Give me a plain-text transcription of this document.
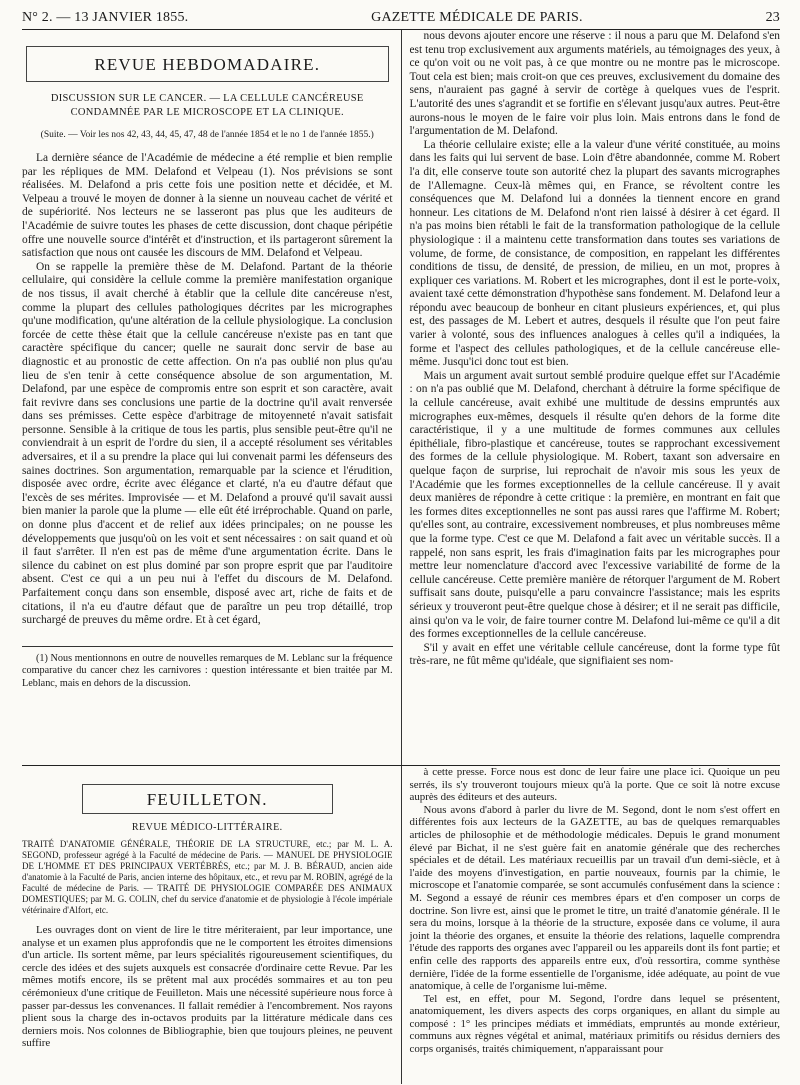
N° 2. — 13 JANVIER 1855.	GAZETTE MÉDICALE DE PARIS.	23
REVUE HEBDOMADAIRE.
DISCUSSION SUR LE CANCER. — LA CELLULE CANCÉREUSE CONDAMNÉE PAR LE MICROSCOPE ET LA CLINIQUE.
(Suite. — Voir les nos 42, 43, 44, 45, 47, 48 de l'année 1854 et le no 1 de l'année 1855.)

La dernière séance de l'Académie de médecine a été remplie et bien remplie par les répliques de MM. Delafond et Velpeau (1). Nos prévisions se sont réalisées. M. Delafond a pris cette fois une position nette et décidée, et M. Velpeau a trouvé le moyen de donner à la sienne un nouveau cachet de vérité et de supériorité. Nos lecteurs ne se lasseront pas plus que les auditeurs de l'Académie de suivre toutes les phases de cette discussion, dont chaque péripétie offre une nouvelle source d'intérêt et d'instruction, et ils partageront sûrement la satisfaction que nous ont causée les discours de MM. Delafond et Velpeau.

On se rappelle la première thèse de M. Delafond. Partant de la théorie cellulaire, qui considère la cellule comme la première manifestation organique de nos tissus, il avait cherché à établir que la cellule dite cancéreuse n'est, comme la plupart des cellules pathologiques décrites par les micrographes qu'une modification, qu'une altération de la cellule physiologique. La conclusion forcée de cette thèse était que la cellule cancéreuse n'existe pas en tant que caractère spécifique du cancer; quelle ne saurait donc servir de base au diagnostic et au pronostic de cette affection. On n'a pas oublié non plus qu'au lieu de s'en tenir à cette conséquence absolue de son argumentation, M. Delafond, par une espèce de compromis entre son esprit et son caractère, avait fait revivre dans ses conclusions une partie de la doctrine qu'il avait renversée dans ses prémisses. Cette espèce d'arbitrage de mitoyenneté n'avait satisfait personne. Sensible à la critique de tous les partis, plus sensible peut-être qu'il ne conviendrait à un esprit de l'ordre du sien, il a accepté résolument ses véritables adversaires, et il a su prendre la place qui lui convenait parmi les défenseurs des saines doctrines. Son argumentation, remarquable par la science et l'érudition, disposée avec ordre, écrite avec élégance et clarté, n'a eu d'autre défaut que l'excès de ses mérites. Improvisée — et M. Delafond a prouvé qu'il savait aussi bien manier la parole que la plume — elle eût été irréprochable. Quand on parle, on donne plus d'accent et de relief aux idées principales; on ne pousse les développements que jusqu'où on les voit et sent nécessaires : on sait quand et où il faut s'arrêter. Il n'en est pas de même d'une argumentation écrite. Dans le silence du cabinet on est plus dominé par son propre esprit que par l'auditoire absent. C'est ce qui a un peu nui à l'effet du discours de M. Delafond. Parfaitement conçu dans son ensemble, disposé avec art, riche de faits et de citations, il n'a eu d'autre défaut que de paraître un peu trop détaillé, trop surchargé de preuves du même ordre. Et à cet égard,

(1) Nous mentionnons en outre de nouvelles remarques de M. Leblanc sur la fréquence comparative du cancer chez les carnivores : question intéressante et bien traitée par M. Leblanc, mais en dehors de la discussion.

nous devons ajouter encore une réserve : il nous a paru que M. Delafond s'en est tenu trop exclusivement aux arguments matériels, au témoignages des yeux, à ce qu'on voit ou ne voit pas, à ce que montre ou ne montre pas le microscope. Tout cela est bien; mais croit-on que ces preuves, exclusivement du domaine des sens, n'auraient pas gagné à servir de cortège à quelques vues de l'esprit. L'autorité des unes s'agrandit et se fortifie en s'élevant jusqu'aux autres. Peut-être aurons-nous le moyen de le faire voir plus loin. Mais entrons dans le fond de l'argumentation de M. Delafond.

La théorie cellulaire existe; elle a la valeur d'une vérité constituée, au moins dans les faits qui lui servent de base. Loin d'être abandonnée, comme M. Robert l'a dit, elle conserve toute son autorité chez la plupart des savants micrographes de l'Allemagne. Ceux-là mêmes qui, en France, se révoltent contre les conséquences que M. Delafond lui a données la tiennent encore en grand honneur. Les citations de M. Delafond n'ont rien laissé à désirer à cet égard. Il n'a pas moins bien rétabli le fait de la transformation pathologique de la cellule physiologique : il a maintenu cette transformation dans toutes ses variations de volume, de forme, de consistance, de composition, en rappelant les différentes conditions de tissu, de densité, de pression, de milieu, en un mot, propres à expliquer ces variations. M. Robert et les micrographes, dont il est le porte-voix, avaient taxé cette démonstration d'hypothèse sans fondement. M. Delafond leur a répondu avec beaucoup de bonheur en citant plusieurs expériences, et, qui plus est, des passages de M. Lebert et autres, desquels il résulte que l'on peut faire varier à volonté, sous des influences analogues à celles qu'il a indiquées, la forme et l'aspect des cellules pathologiques, et de la cellule cancéreuse elle-même. Jusqu'ici donc tout est bien.

Mais un argument avait surtout semblé produire quelque effet sur l'Académie : on n'a pas oublié que M. Delafond, cherchant à détruire la forme spécifique de la cellule cancéreuse, avait exhibé une multitude de dessins empruntés aux micrographes eux-mêmes, desquels il résulte qu'en dehors de la forme dite caractéristique, il y a une multitude de formes communes aux cellules épithéliale, fibro-plastique et cancéreuse, toutes se rapprochant excessivement des formes de la cellule physiologique. M. Robert, taxant son adversaire en quelque façon de surprise, lui reprochait de n'avoir mis sous les yeux de l'Académie que les formes exceptionnelles de la cellule cancéreuse. Il y avait deux manières de répondre à cette critique : la première, en montrant en fait que les formes dites exceptionnelles ne sont pas aussi rares que l'affirme M. Robert; qu'elles sont, au contraire, excessivement nombreuses, et plus nombreuses même que la forme type. C'est ce que M. Delafond a fait avec un véritable succès. Il a rappelé, non sans esprit, les frais d'imagination faits par les micrographes pour mettre leur nomenclature d'accord avec l'excessive variabilité de forme de la cellule cancéreuse. Cette première manière de rétorquer l'argument de M. Robert suffisait sans doute, puisqu'elle a paru convaincre l'assistance; mais les esprits sérieux y trouveront peut-être quelque chose à désirer; et il ne serait pas difficile, ainsi qu'on va le voir, de faire tourner contre M. Delafond lui-même ce qu'il a dit des formes exceptionnelles de la cellule cancéreuse.

S'il y avait en effet une véritable cellule cancéreuse, dont la forme type fût très-rare, ne fût même qu'idéale, que signifiaient ses nom-

FEUILLETON.
REVUE MÉDICO-LITTÉRAIRE.
TRAITÉ D'ANATOMIE GÉNÉRALE, THÉORIE DE LA STRUCTURE, etc.; par M. L. A. SEGOND, professeur agrégé à la Faculté de médecine de Paris. — MANUEL DE PHYSIOLOGIE DE L'HOMME ET DES PRINCIPAUX VERTÉBRÉS, etc.; par M. J. B. BÉRAUD, ancien aide d'anatomie à la Faculté de Paris, ancien interne des hôpitaux, etc., et revu par M. ROBIN, agrégé de la Faculté de médecine de Paris. — TRAITÉ DE PHYSIOLOGIE COMPARÉE DES ANIMAUX DOMESTIQUES; par M. G. COLIN, chef du service d'anatomie et de physiologie à l'école impériale vétérinaire d'Alfort, etc.

Les ouvrages dont on vient de lire le titre mériteraient, par leur importance, une analyse et un examen plus approfondis que ne le comportent les étroites dimensions d'un article. Ils sortent même, par leurs spécialités rigoureusement scientifiques, du cercle des idées et des sujets auxquels est consacrée d'ordinaire cette Revue. Par les mêmes motifs encore, ils se prêtent mal aux procédés sommaires et au ton peu cérémonieux d'une critique de Feuilleton. Mais une nécessité supérieure nous force à passer par-dessus les convenances. Il fallait remédier à l'encombrement. Nos rayons plient sous la charge des in-octavos produits par la littérature médicale dans ces derniers mois. Nos colonnes de Bibliographie, bien que toujours pleines, ne peuvent suffire

à cette presse. Force nous est donc de leur faire une place ici. Quoique un peu serrés, ils s'y trouveront toujours mieux qu'à la porte. Que ce soit là notre excuse auprès des éditeurs et des auteurs.

Nous avons d'abord à parler du livre de M. Segond, dont le nom s'est offert en différentes fois aux lecteurs de la GAZETTE, au bas de quelques remarquables articles de philosophie et de méthodologie médicales. Depuis le grand monument élevé par Bichat, il ne s'est guère fait en anatomie générale que des recherches spéciales et de détail. Les matériaux recueillis par un travail d'un demi-siècle, et à l'aide des moyens d'investigation, en partie nouveaux, fournis par la chimie, le microscope et l'anatomie comparée, se sont accumulés confusément dans la science : M. Segond a essayé de réunir ces membres épars et d'en composer un corps de doctrine. Son livre est, ainsi que le promet le titre, un traité d'anatomie générale. Il le sera du moins, lorsque à la théorie de la structure, exposée dans ce volume, il aura joint la théorie des organes, et ensuite la théorie des relations, laquelle comprendra l'étude des rapports des organes avec l'appareil ou les appareils dont ils font partie; et enfin celle des rapports des appareils entre eux, d'où ressortira, comme synthèse dernière, l'idée de la forme essentielle de l'organisme, idée adéquate, au point de vue anatomique, à celle de l'organisme lui-même.

Tel est, en effet, pour M. Segond, l'ordre dans lequel se présentent, anatomiquement, les divers aspects des corps organiques, en allant du simple au composé : 1° les principes médiats et immédiats, empruntés au monde extérieur, communs aux règnes végétal et animal, matériaux primitifs ou résidus derniers des corps organisés, traités chimiquement, n'apparaissant pour
